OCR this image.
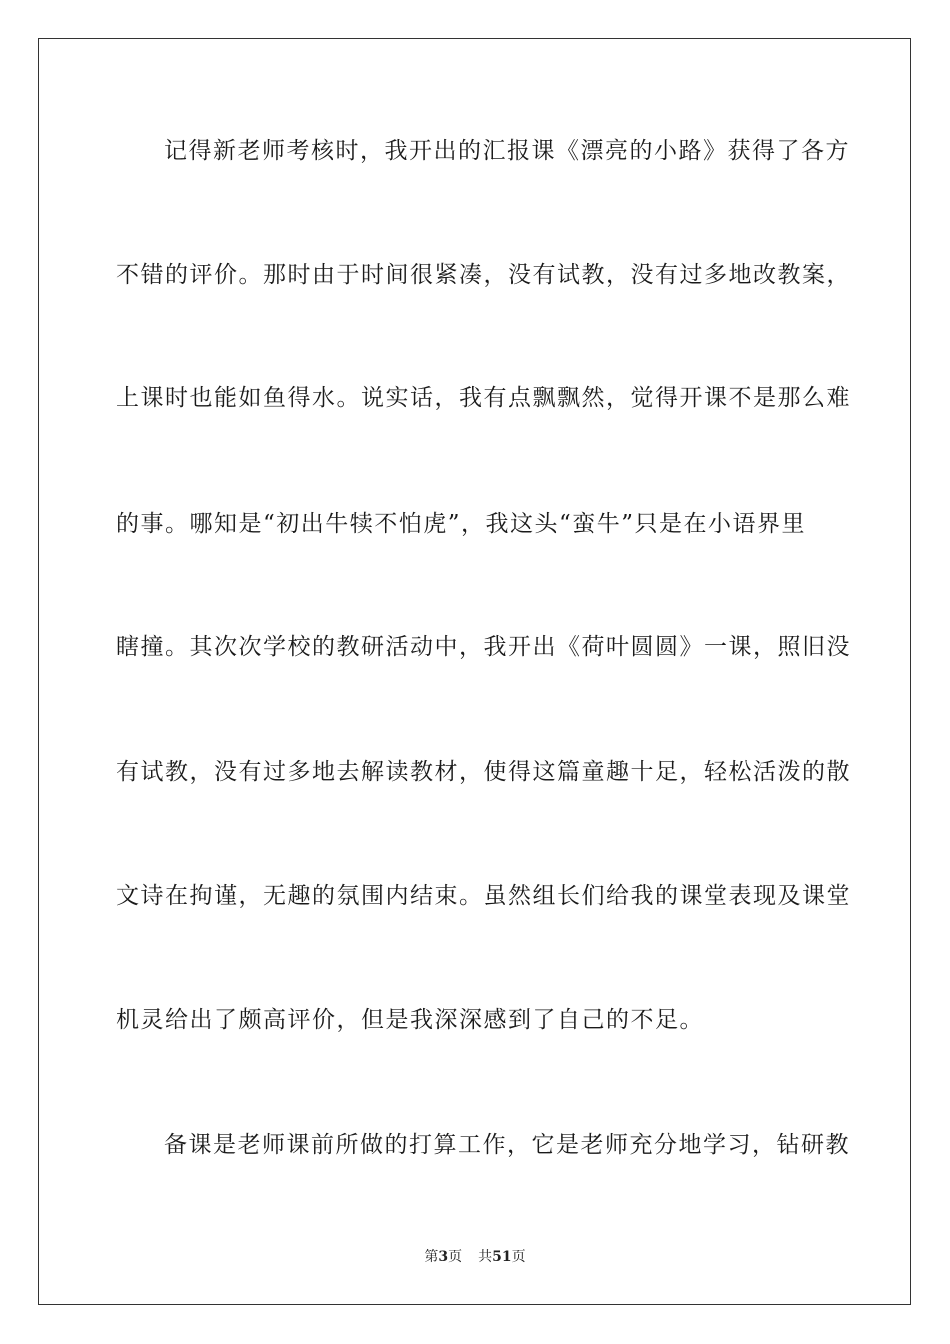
记得新老师考核时，我开出的汇报课《漂亮的小路》获得了各方
不错的评价。那时由于时间很紧凑，没有试教，没有过多地改教案，
上课时也能如鱼得水。说实话，我有点飘飘然，觉得开课不是那么难
的事。哪知是“初出牛犊不怕虎”，我这头“蛮牛”只是在小语界里
瞎撞。其次次学校的教研活动中，我开出《荷叶圆圆》一课，照旧没
有试教，没有过多地去解读教材，使得这篇童趣十足，轻松活泼的散
文诗在拘谨，无趣的氛围内结束。虽然组长们给我的课堂表现及课堂
机灵给出了颇高评价，但是我深深感到了自己的不足。
备课是老师课前所做的打算工作，它是老师充分地学习，钻研教
第3页 共51页
